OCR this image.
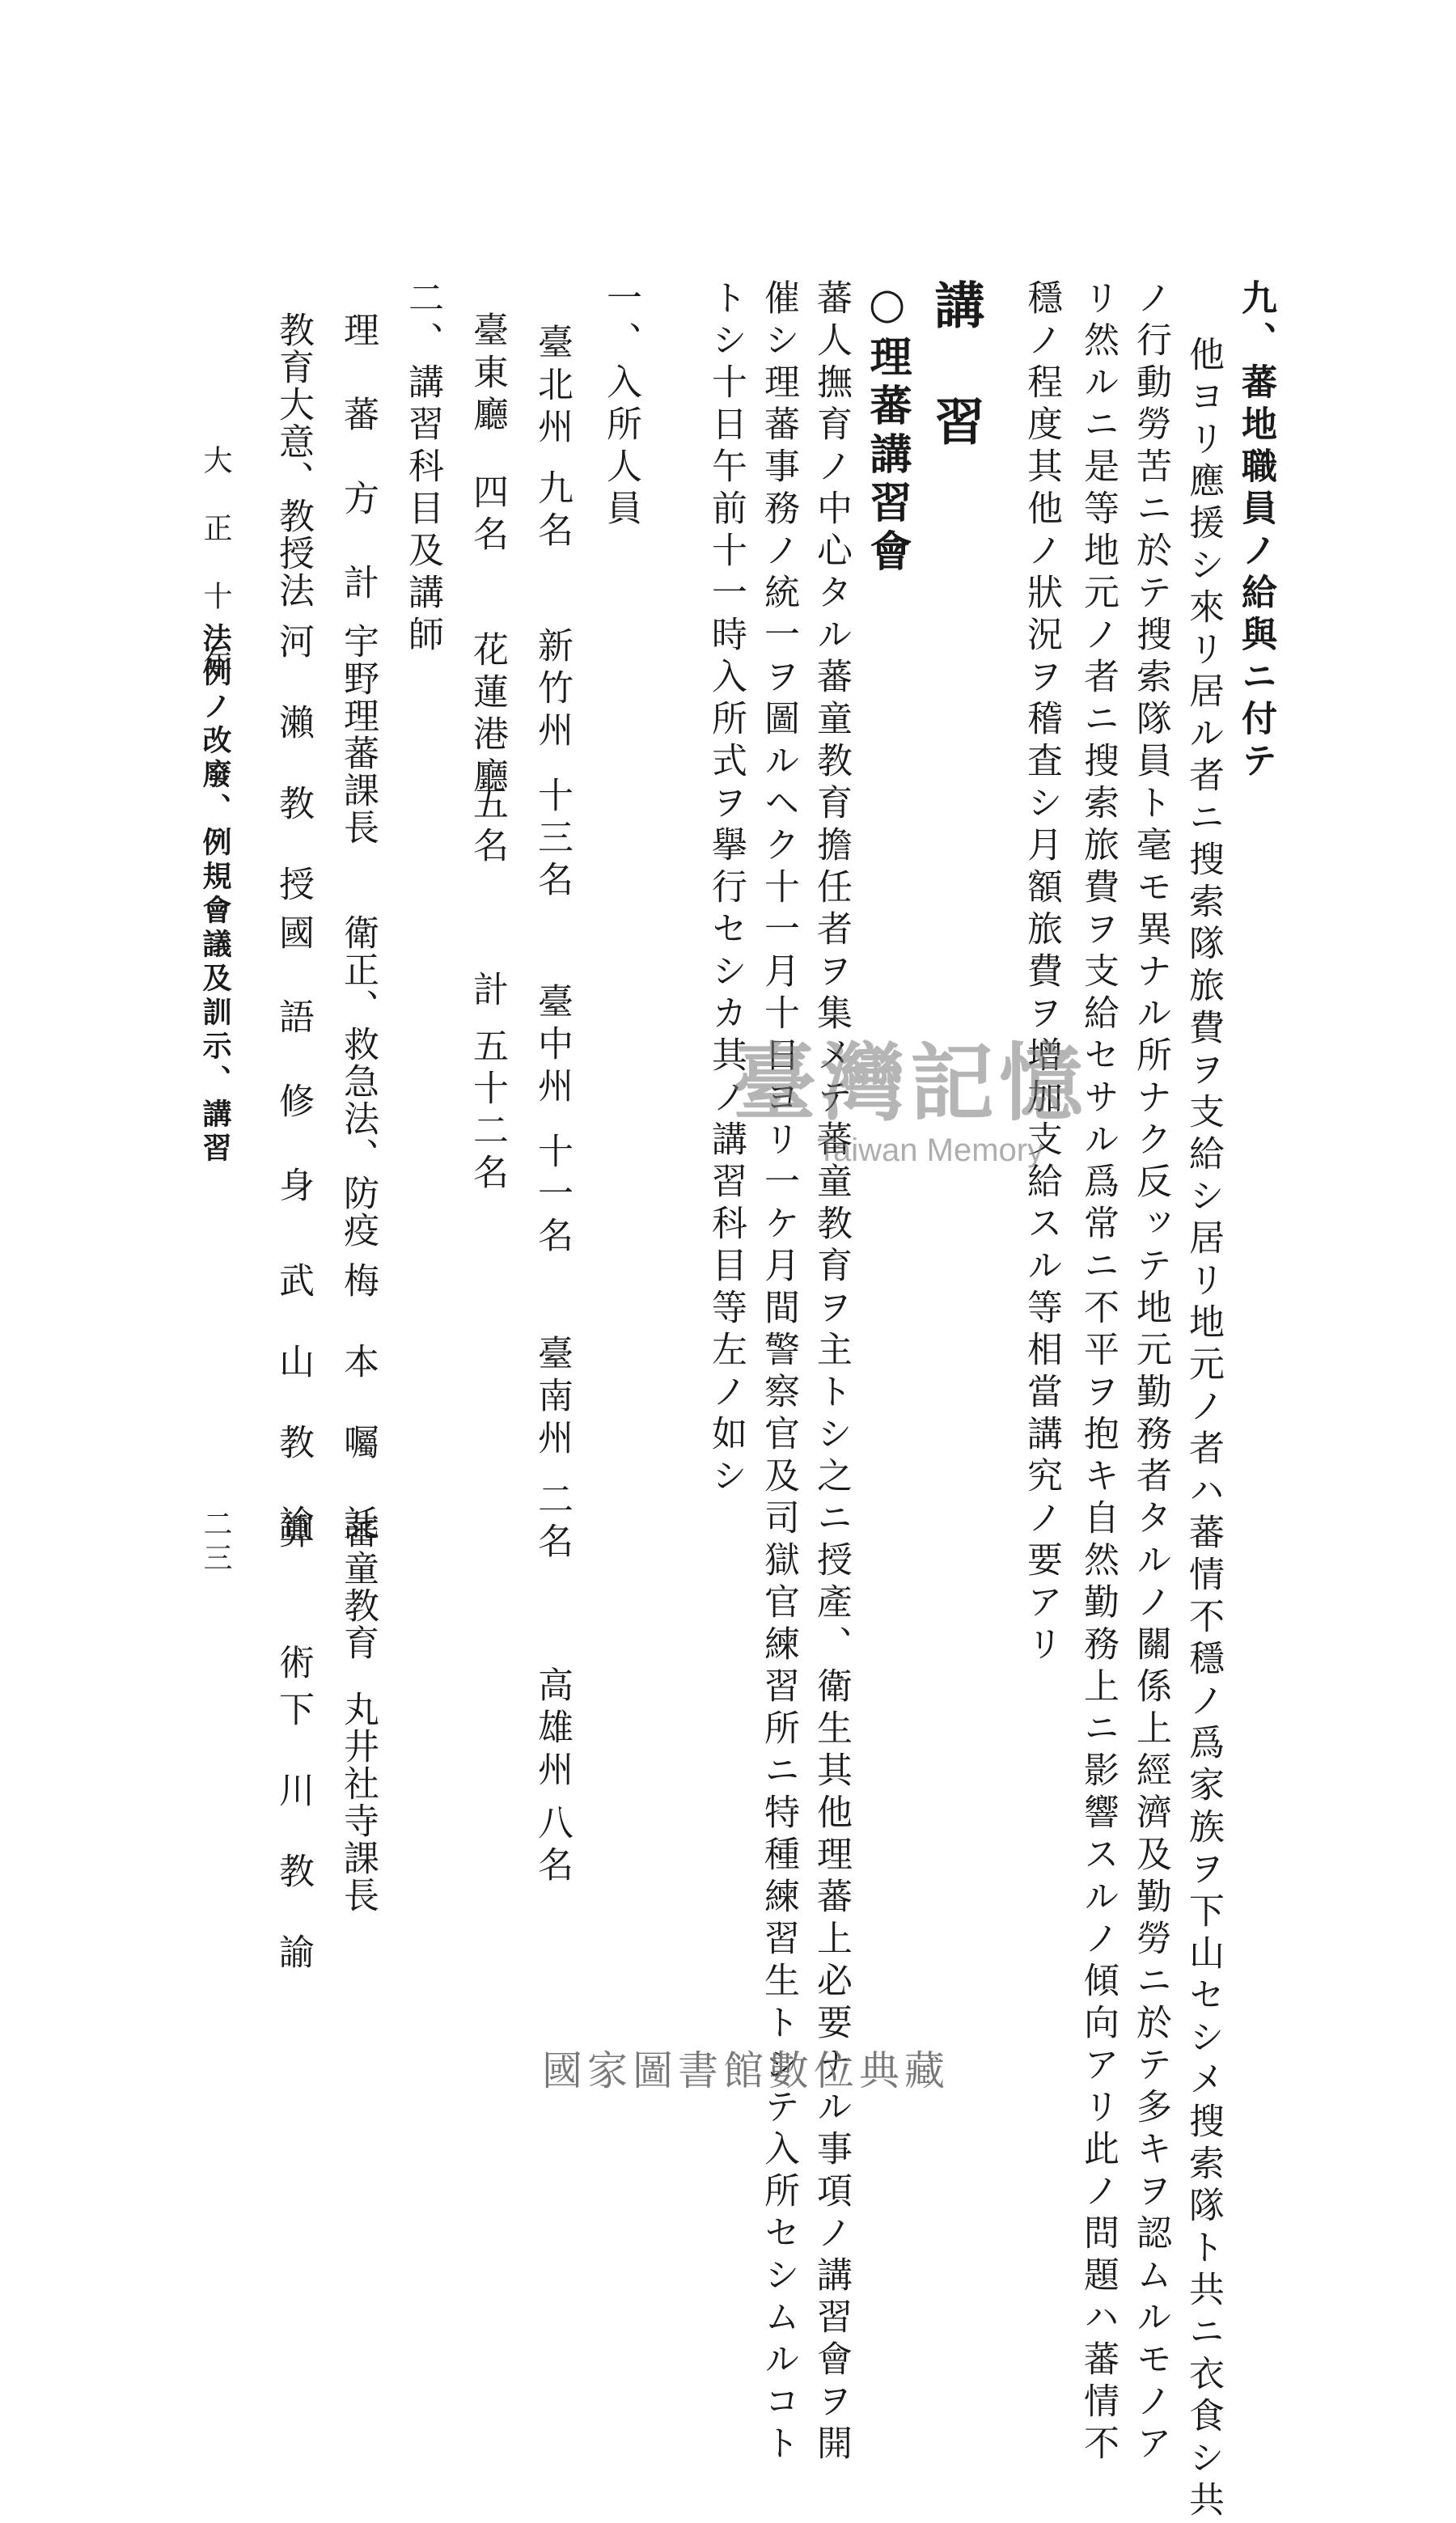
九、蕃地職員ノ給與ニ付テ
他ヨリ應援シ來リ居ル者ニ搜索隊旅費ヲ支給シ居リ地元ノ者ハ蕃情不穩ノ爲家族ヲ下山セシメ搜索隊ト共ニ衣食シ共
ノ行動勞苦ニ於テ搜索隊員ト毫モ異ナル所ナク反ッテ地元勤務者タルノ關係上經濟及勤勞ニ於テ多キヲ認ムルモノア
リ然ルニ是等地元ノ者ニ搜索旅費ヲ支給セサル爲常ニ不平ヲ抱キ自然勤務上ニ影響スルノ傾向アリ此ノ問題ハ蕃情不
穩ノ程度其他ノ狀況ヲ稽査シ月額旅費ヲ增加支給スル等相當講究ノ要アリ
講　習
○理蕃講習會
蕃人撫育ノ中心タル蕃童教育擔任者ヲ集メテ蕃童教育ヲ主トシ之ニ授產、衛生其他理蕃上必要ナル事項ノ講習會ヲ開
催シ理蕃事務ノ統一ヲ圖ルヘク十一月十日ヨリ一ケ月間警察官及司獄官練習所ニ特種練習生トシテ入所セシムルコト
トシ十日午前十一時入所式ヲ擧行セシカ其ノ講習科目等左ノ如シ
一、入所人員
臺北州
九名
新竹州
十三名
臺中州
十一名
臺南州
二名
高雄州
八名
臺東廳
四名
花蓮港廳
五名
計
五十二名
二、講習科目及講師
理　蕃　方　計
宇野理蕃課長
衛正、救急法、防疫
梅　本　囑　託
蕃童教育
丸井社寺課長
教育大意、教授法
河　瀨　教　授
國　語　修　身
武　山　教　諭
算　　術
下　川　教　諭
大　正　十　年
法例ノ改廢、例規會議及訓示、講習
二三
臺灣記憶
Taiwan Memory
國家圖書館數位典藏
